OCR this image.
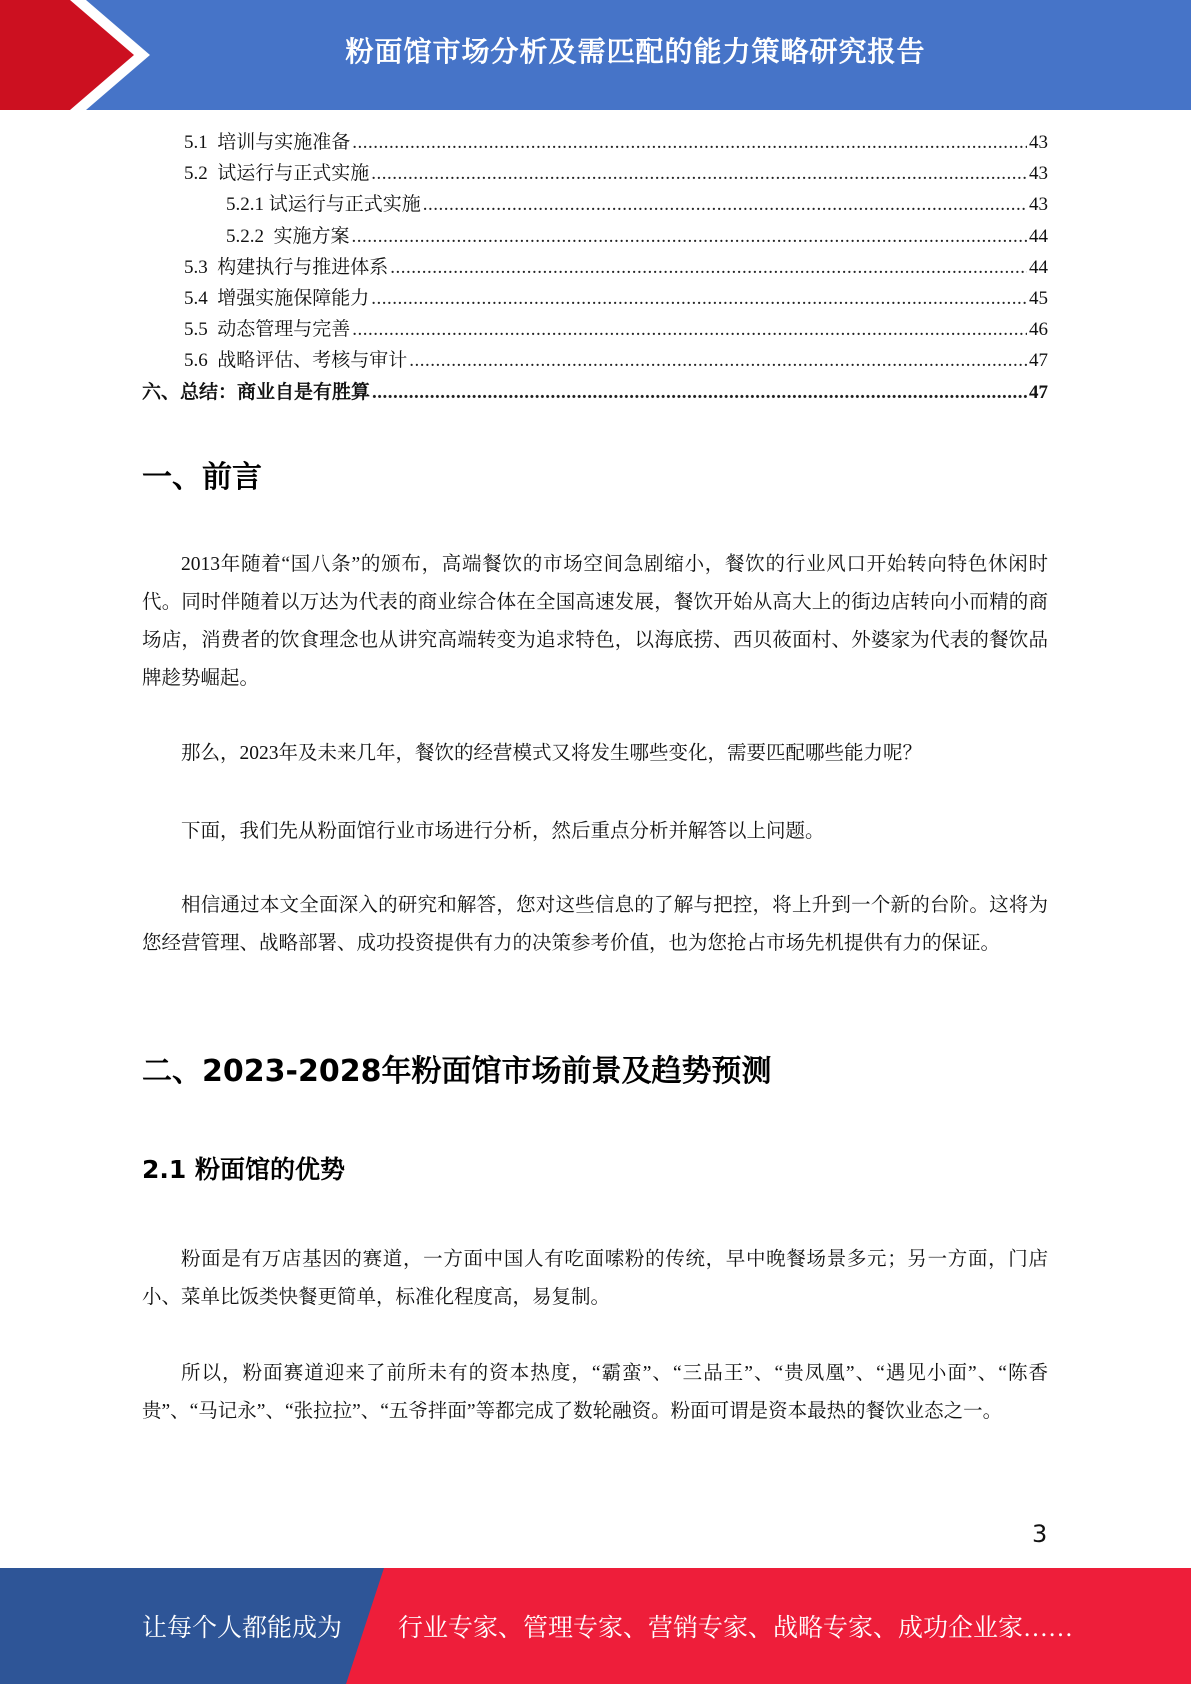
粉面馆市场分析及需匹配的能力策略研究报告
5.1  培训与实施准备 .....	43
5.2  试运行与正式实施 .....	43
5.2.1 试运行与正式实施 .....	43
5.2.2  实施方案 .....	44
5.3  构建执行与推进体系 .....	44
5.4  增强实施保障能力 .....	45
5.5  动态管理与完善 .....	46
5.6  战略评估、考核与审计 .....	47
六、总结：商业自是有胜算 .....	47
一、前言
2013年随着“国八条”的颁布，高端餐饮的市场空间急剧缩小，餐饮的行业风口开始转向特色休闲时代。同时伴随着以万达为代表的商业综合体在全国高速发展，餐饮开始从高大上的街边店转向小而精的商场店，消费者的饮食理念也从讲究高端转变为追求特色，以海底捞、西贝莜面村、外婆家为代表的餐饮品牌趁势崛起。
那么，2023年及未来几年，餐饮的经营模式又将发生哪些变化，需要匹配哪些能力呢？
下面，我们先从粉面馆行业市场进行分析，然后重点分析并解答以上问题。
相信通过本文全面深入的研究和解答，您对这些信息的了解与把控，将上升到一个新的台阶。这将为您经营管理、战略部署、成功投资提供有力的决策参考价值，也为您抢占市场先机提供有力的保证。
二、2023-2028年粉面馆市场前景及趋势预测
2.1 粉面馆的优势
粉面是有万店基因的赛道，一方面中国人有吃面嗦粉的传统，早中晚餐场景多元；另一方面，门店小、菜单比饭类快餐更简单，标准化程度高，易复制。
所以，粉面赛道迎来了前所未有的资本热度，“霸蛮”、“三品王”、“贵凤凰”、“遇见小面”、“陈香贵”、“马记永”、“张拉拉”、“五爷拌面”等都完成了数轮融资。粉面可谓是资本最热的餐饮业态之一。
3
让每个人都能成为 行业专家、管理专家、营销专家、战略专家、成功企业家……
